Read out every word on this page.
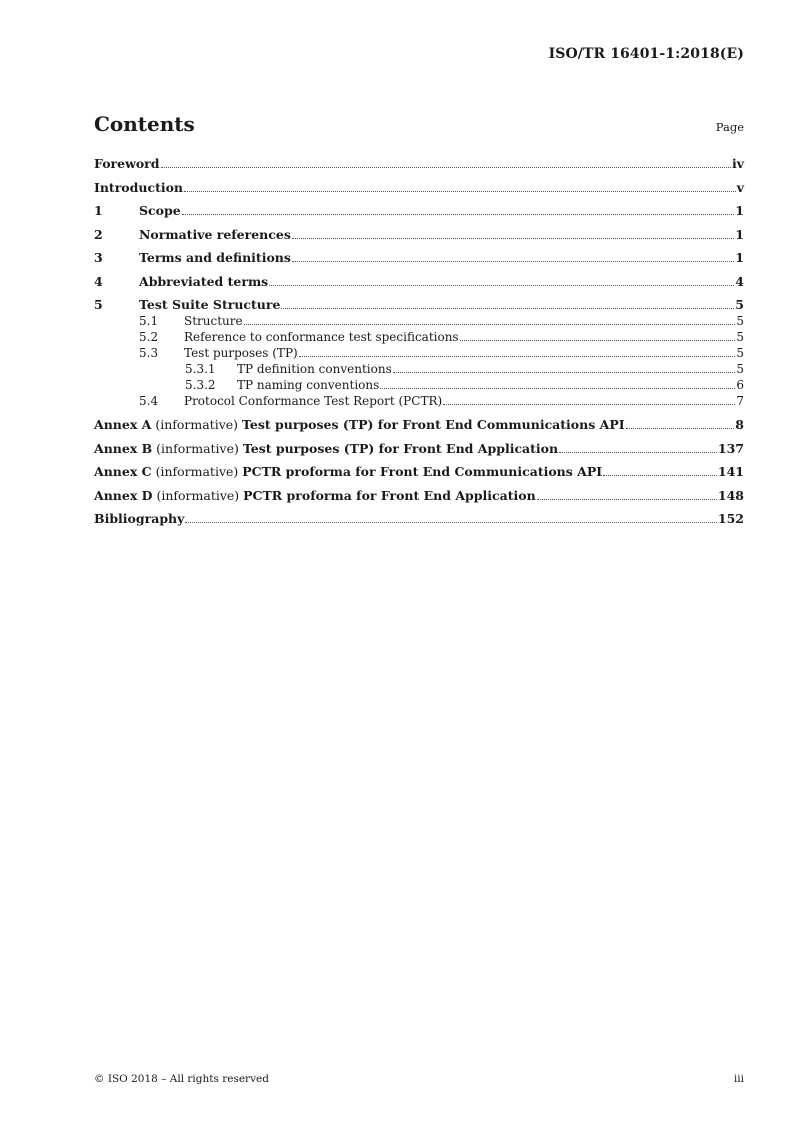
ISO/TR 16401-1:2018(E)
Contents	Page
Foreword	iv
Introduction	v
1	Scope	1
2	Normative references	1
3	Terms and definitions	1
4	Abbreviated terms	4
5	Test Suite Structure	5
5.1	Structure	5
5.2	Reference to conformance test specifications	5
5.3	Test purposes (TP)	5
5.3.1	TP definition conventions	5
5.3.2	TP naming conventions	6
5.4	Protocol Conformance Test Report (PCTR)	7
Annex A (informative) Test purposes (TP) for Front End Communications API	8
Annex B (informative) Test purposes (TP) for Front End Application	137
Annex C (informative) PCTR proforma for Front End Communications API	141
Annex D (informative) PCTR proforma for Front End Application	148
Bibliography	152
© ISO 2018 – All rights reserved	iii
